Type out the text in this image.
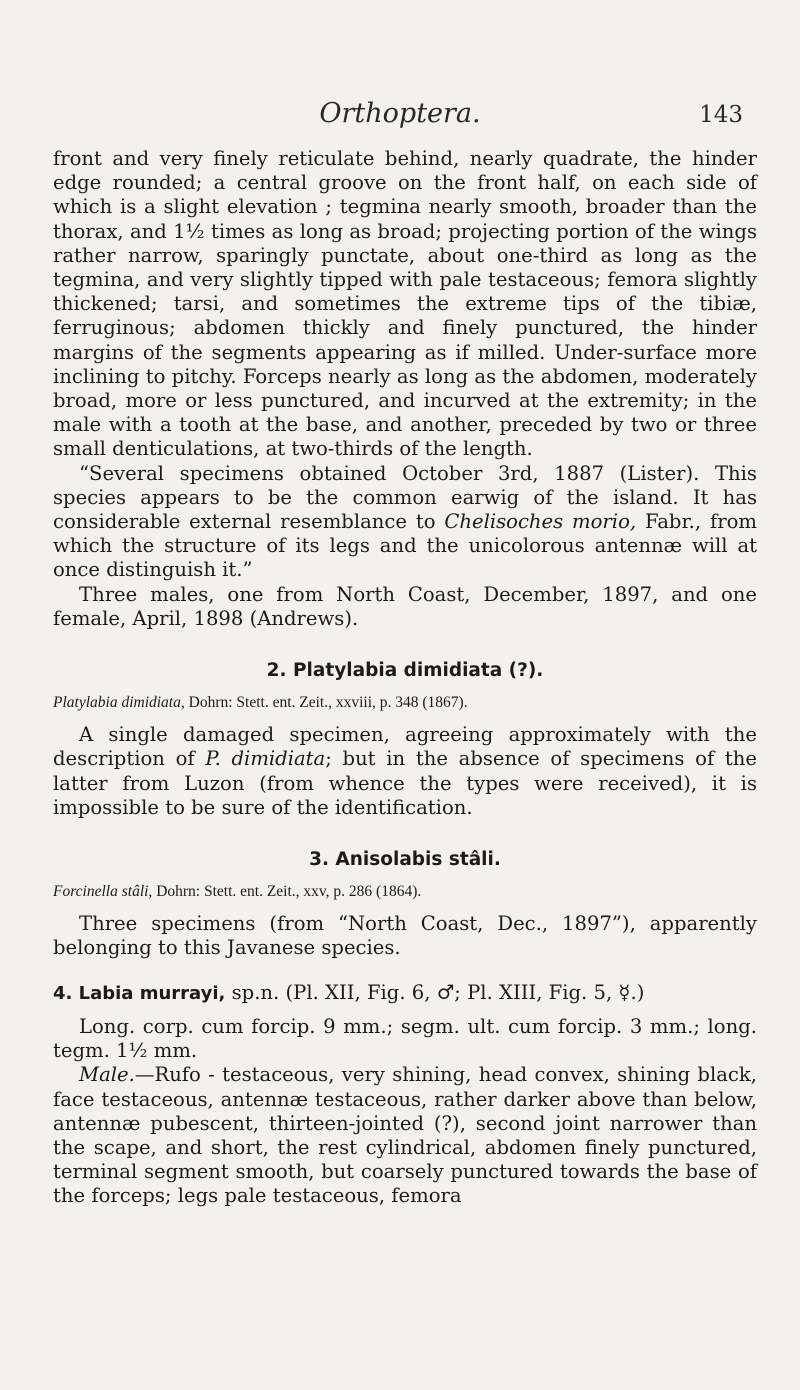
Orthoptera.	143

front and very finely reticulate behind, nearly quadrate, the hinder edge rounded; a central groove on the front half, on each side of which is a slight elevation ; tegmina nearly smooth, broader than the thorax, and 1½ times as long as broad; projecting portion of the wings rather narrow, sparingly punctate, about one-third as long as the tegmina, and very slightly tipped with pale testaceous; femora slightly thickened; tarsi, and sometimes the extreme tips of the tibiæ, ferruginous; abdomen thickly and finely punctured, the hinder margins of the segments appearing as if milled. Under-surface more inclining to pitchy. Forceps nearly as long as the abdomen, moderately broad, more or less punctured, and incurved at the extremity; in the male with a tooth at the base, and another, preceded by two or three small denticulations, at two-thirds of the length.

“Several specimens obtained October 3rd, 1887 (Lister). This species appears to be the common earwig of the island. It has considerable external resemblance to Chelisoches morio, Fabr., from which the structure of its legs and the unicolorous antennæ will at once distinguish it.”

Three males, one from North Coast, December, 1897, and one female, April, 1898 (Andrews).

2. Platylabia dimidiata (?).

Platylabia dimidiata, Dohrn: Stett. ent. Zeit., xxviii, p. 348 (1867).

A single damaged specimen, agreeing approximately with the description of P. dimidiata; but in the absence of specimens of the latter from Luzon (from whence the types were received), it is impossible to be sure of the identification.

3. Anisolabis stâli.

Forcinella stâli, Dohrn: Stett. ent. Zeit., xxv, p. 286 (1864).

Three specimens (from “North Coast, Dec., 1897”), apparently belonging to this Javanese species.

4. Labia murrayi, sp.n. (Pl. XII, Fig. 6, ♂; Pl. XIII, Fig. 5, ☿.)

Long. corp. cum forcip. 9 mm.; segm. ult. cum forcip. 3 mm.; long. tegm. 1½ mm.

Male.—Rufo - testaceous, very shining, head convex, shining black, face testaceous, antennæ testaceous, rather darker above than below, antennæ pubescent, thirteen-jointed (?), second joint narrower than the scape, and short, the rest cylindrical, abdomen finely punctured, terminal segment smooth, but coarsely punctured towards the base of the forceps; legs pale testaceous, femora
